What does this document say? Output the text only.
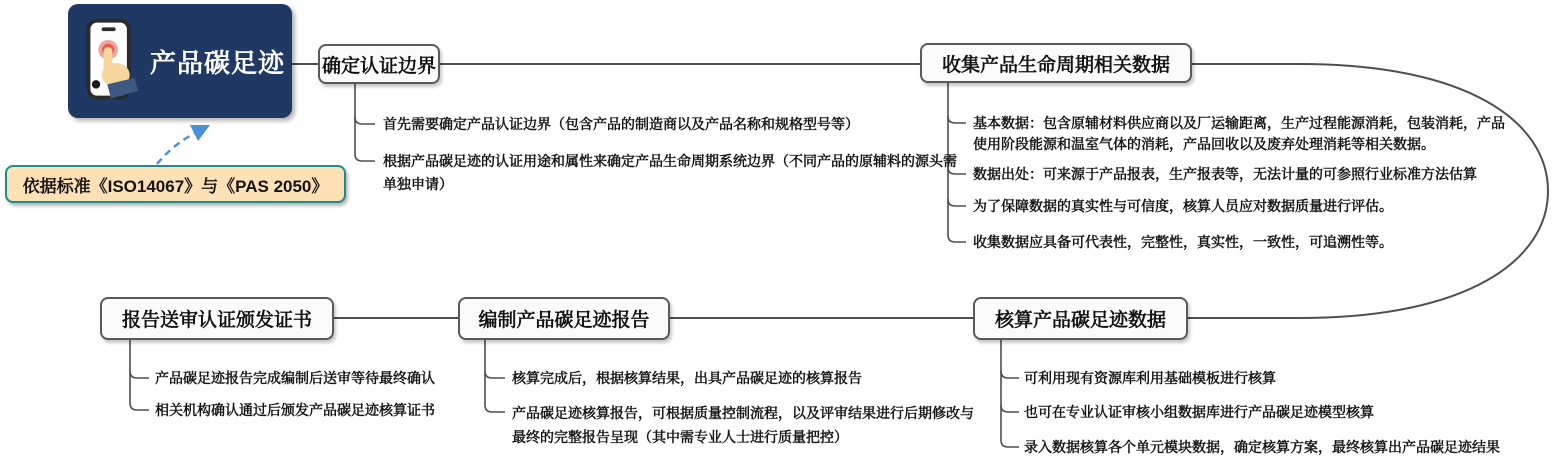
产品碳足迹
依据标准《ISO14067》与《PAS 2050》
确定认证边界	收集产品生命周期相关数据
核算产品碳足迹数据
编制产品碳足迹报告
报告送审认证颁发证书
首先需要确定产品认证边界（包含产品的制造商以及产品名称和规格型号等）
根据产品碳足迹的认证用途和属性来确定产品生命周期系统边界（不同产品的原辅料的源头需单独申请）
基本数据：包含原辅材料供应商以及厂运输距离，生产过程能源消耗，包装消耗，产品使用阶段能源和温室气体的消耗，产品回收以及废弃处理消耗等相关数据。
数据出处：可来源于产品报表，生产报表等，无法计量的可参照行业标准方法估算
为了保障数据的真实性与可信度，核算人员应对数据质量进行评估。
收集数据应具备可代表性，完整性，真实性，一致性，可追溯性等。
可利用现有资源库利用基础模板进行核算
也可在专业认证审核小组数据库进行产品碳足迹模型核算
录入数据核算各个单元模块数据，确定核算方案，最终核算出产品碳足迹结果
核算完成后，根据核算结果，出具产品碳足迹的核算报告
产品碳足迹核算报告，可根据质量控制流程，以及评审结果进行后期修改与最终的完整报告呈现（其中需专业人士进行质量把控）
产品碳足迹报告完成编制后送审等待最终确认
相关机构确认通过后颁发产品碳足迹核算证书
